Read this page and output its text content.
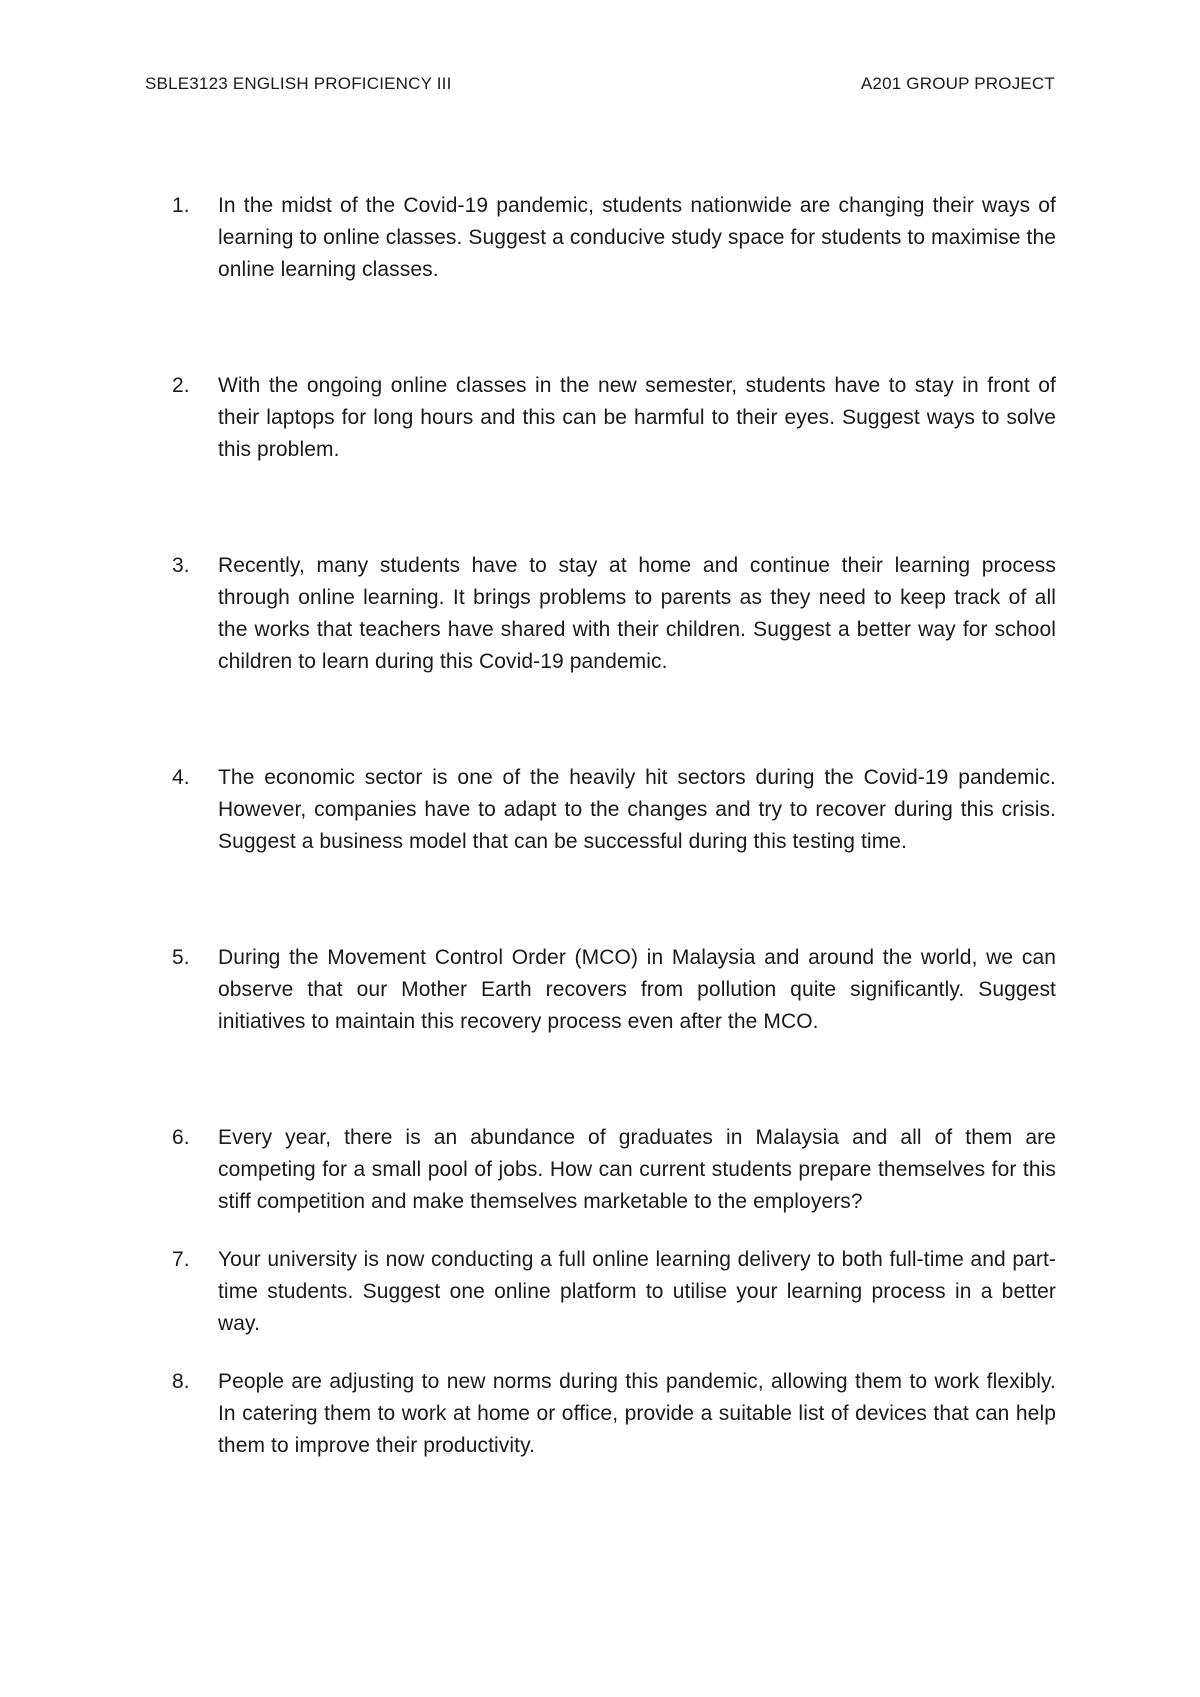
SBLE3123 ENGLISH PROFICIENCY III	A201 GROUP PROJECT
1.	In the midst of the Covid-19 pandemic, students nationwide are changing their ways of learning to online classes. Suggest a conducive study space for students to maximise the online learning classes.
2.	With the ongoing online classes in the new semester, students have to stay in front of their laptops for long hours and this can be harmful to their eyes. Suggest ways to solve this problem.
3.	Recently, many students have to stay at home and continue their learning process through online learning. It brings problems to parents as they need to keep track of all the works that teachers have shared with their children. Suggest a better way for school children to learn during this Covid-19 pandemic.
4.	The economic sector is one of the heavily hit sectors during the Covid-19 pandemic. However, companies have to adapt to the changes and try to recover during this crisis. Suggest a business model that can be successful during this testing time.
5.	During the Movement Control Order (MCO) in Malaysia and around the world, we can observe that our Mother Earth recovers from pollution quite significantly. Suggest initiatives to maintain this recovery process even after the MCO.
6.	Every year, there is an abundance of graduates in Malaysia and all of them are competing for a small pool of jobs. How can current students prepare themselves for this stiff competition and make themselves marketable to the employers?
7.	Your university is now conducting a full online learning delivery to both full-time and part-time students. Suggest one online platform to utilise your learning process in a better way.
8.	People are adjusting to new norms during this pandemic, allowing them to work flexibly. In catering them to work at home or office, provide a suitable list of devices that can help them to improve their productivity.
